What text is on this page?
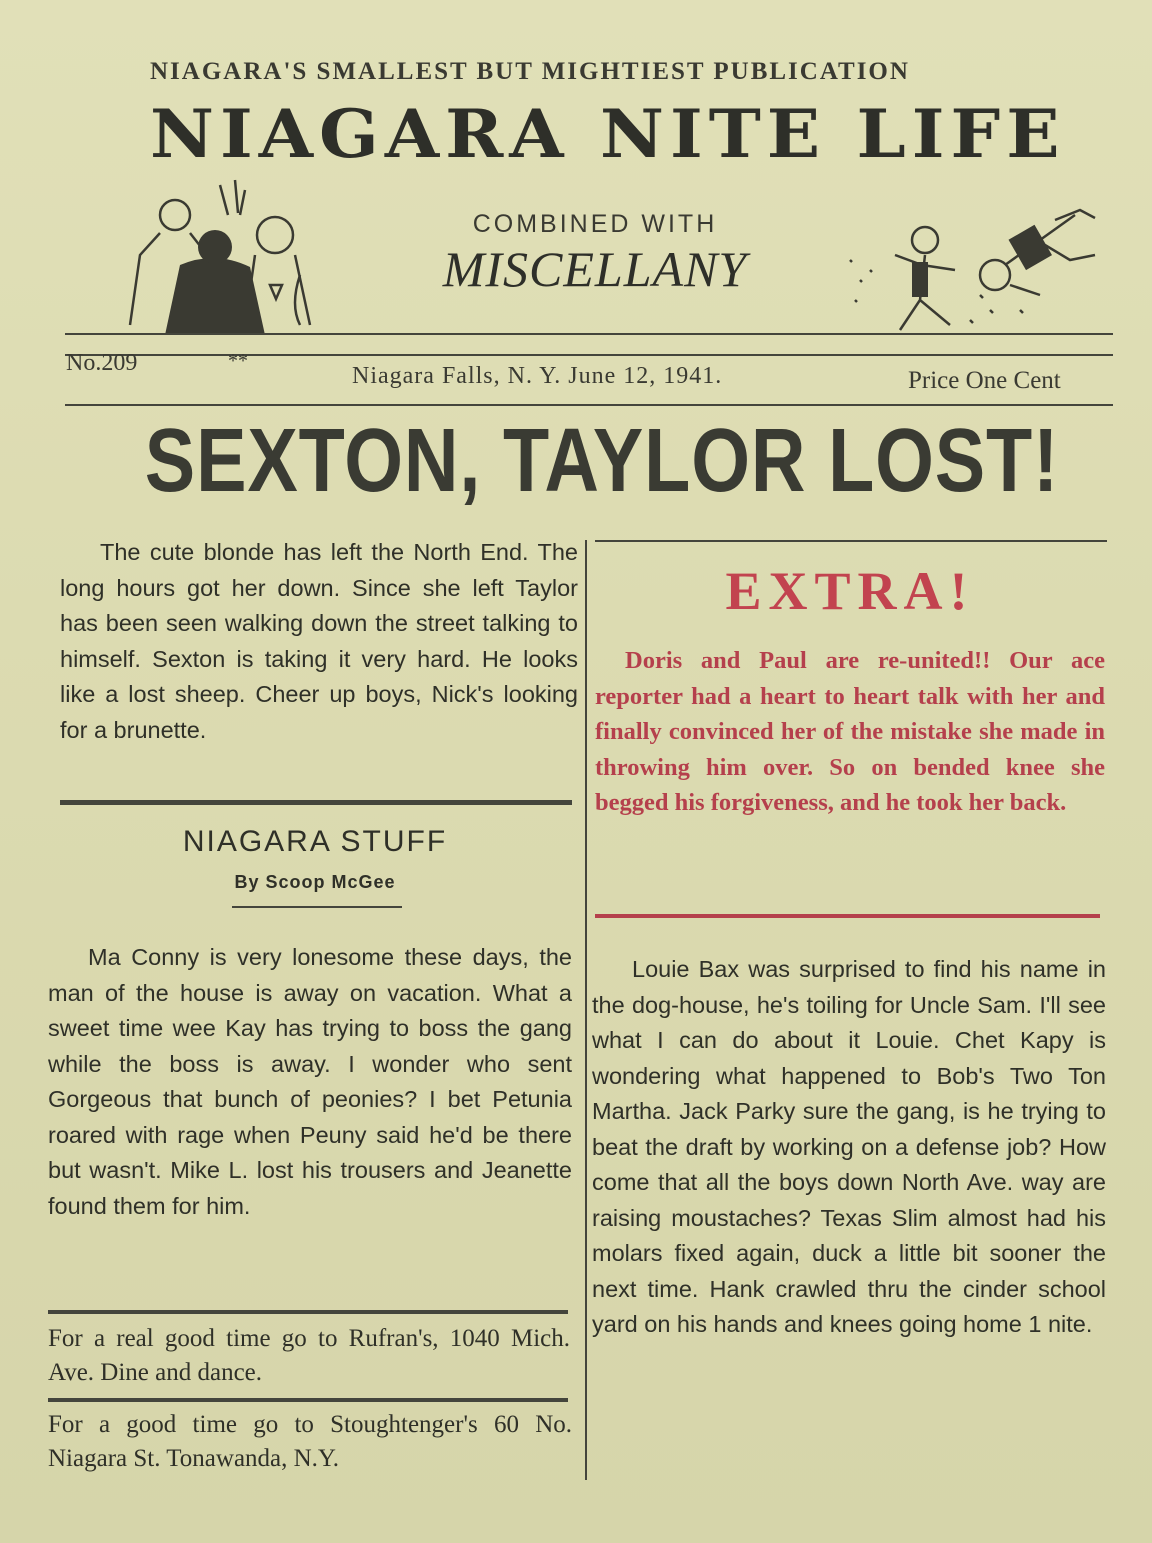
NIAGARA'S SMALLEST BUT MIGHTIEST PUBLICATION
NIAGARA NITE LIFE
COMBINED WITH
MISCELLANY
No.209	**
Niagara Falls, N. Y. June 12, 1941.	Price One Cent
SEXTON, TAYLOR LOST!

The cute blonde has left the North End. The long hours got her down. Since she left Taylor has been seen walking down the street talking to himself. Sexton is taking it very hard. He looks like a lost sheep. Cheer up boys, Nick's looking for a brunette.

NIAGARA STUFF
By Scoop McGee

Ma Conny is very lonesome these days, the man of the house is away on vacation. What a sweet time wee Kay has trying to boss the gang while the boss is away. I wonder who sent Gorgeous that bunch of peonies? I bet Petunia roared with rage when Peuny said he'd be there but wasn't. Mike L. lost his trousers and Jeanette found them for him.

For a real good time go to Rufran's, 1040 Mich. Ave. Dine and dance.
For a good time go to Stoughtenger's 60 No. Niagara St. Tonawanda, N.Y.
EXTRA!

Doris and Paul are re-united!! Our ace reporter had a heart to heart talk with her and finally convinced her of the mistake she made in throwing him over. So on bended knee she begged his forgiveness, and he took her back.

Louie Bax was surprised to find his name in the dog-house, he's toiling for Uncle Sam. I'll see what I can do about it Louie. Chet Kapy is wondering what happened to Bob's Two Ton Martha. Jack Parky sure the gang, is he trying to beat the draft by working on a defense job? How come that all the boys down North Ave. way are raising moustaches? Texas Slim almost had his molars fixed again, duck a little bit sooner the next time. Hank crawled thru the cinder school yard on his hands and knees going home 1 nite.
